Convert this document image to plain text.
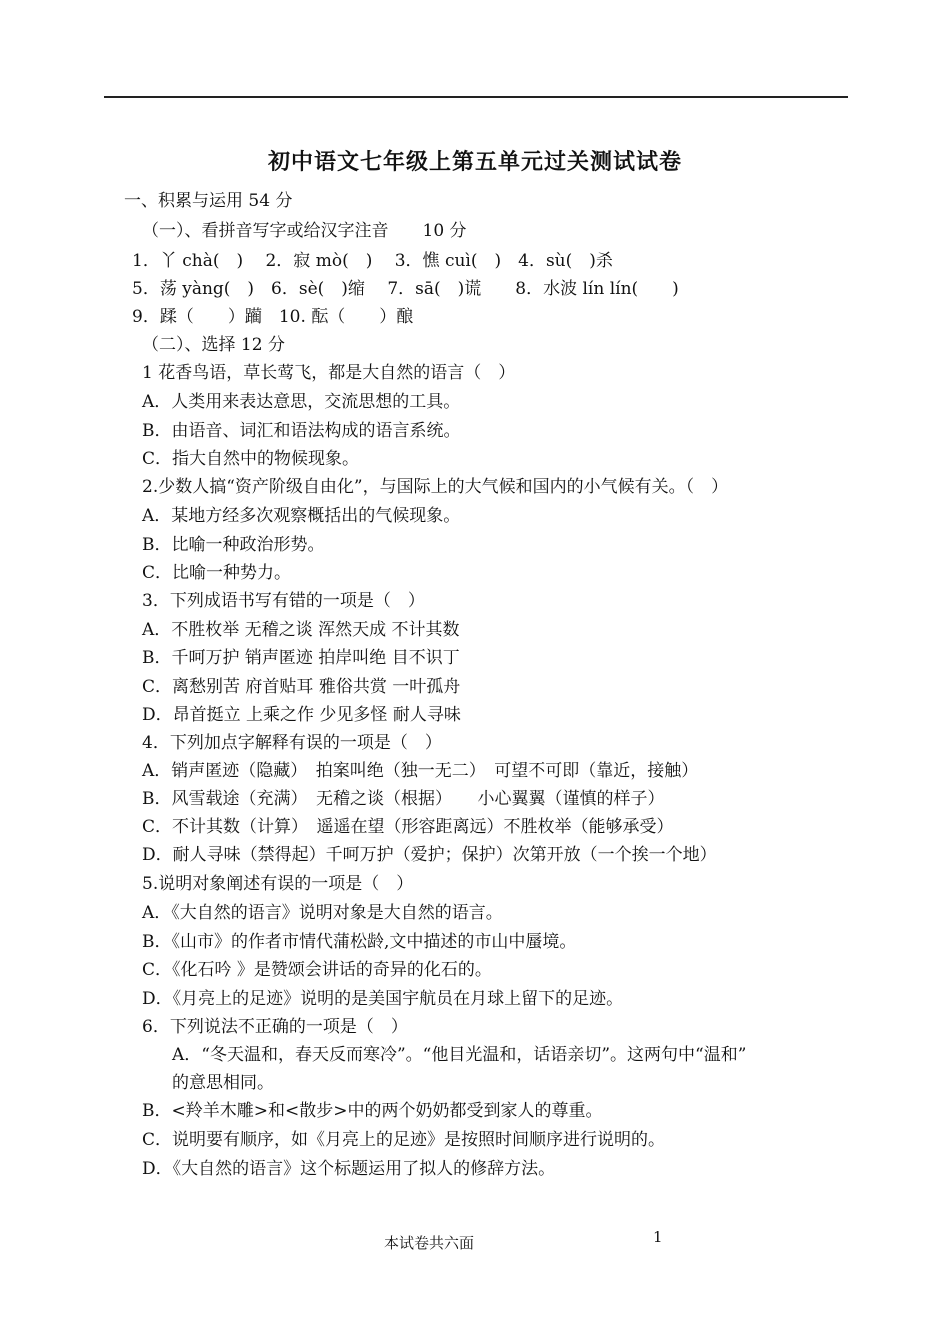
初中语文七年级上第五单元过关测试试卷
一、积累与运用 54 分
（一）、看拼音写字或给汉字注音　　10 分
1．丫 chà(　)　 2．寂 mò(　)　 3．憔 cuì(　)　4．sù(　)杀
5．荡 yàng(　)　6．sè(　)缩　 7．sā(　)谎　　8．水波 lín lín(　　)
9．蹂（　　）躏　10. 酝（　　）酿
（二）、选择 12 分
1 花香鸟语，草长莺飞，都是大自然的语言（　）
A．人类用来表达意思，交流思想的工具。
B．由语音、词汇和语法构成的语言系统。
C．指大自然中的物候现象。
2.少数人搞“资产阶级自由化”，与国际上的大气候和国内的小气候有关。（　）
A．某地方经多次观察概括出的气候现象。
B．比喻一种政治形势。
C．比喻一种势力。
3．下列成语书写有错的一项是（　）
A．不胜枚举 无稽之谈 浑然天成 不计其数
B．千呵万护 销声匿迹 拍岸叫绝 目不识丁
C．离愁别苦 府首贴耳 雅俗共赏 一叶孤舟
D．昂首挺立 上乘之作 少见多怪 耐人寻味
4．下列加点字解释有误的一项是（　）
A．销声匿迹（隐藏）　拍案叫绝（独一无二）　可望不可即（靠近，接触）
B．风雪载途（充满）　无稽之谈（根据）　　小心翼翼（谨慎的样子）
C．不计其数（计算）　遥遥在望（形容距离远）不胜枚举（能够承受）
D．耐人寻味（禁得起）千呵万护（爱护；保护）次第开放（一个挨一个地）
5.说明对象阐述有误的一项是（　）
A．《大自然的语言》说明对象是大自然的语言。
B．《山市》的作者市情代蒲松龄,文中描述的市山中蜃境。
C．《化石吟 》是赞颂会讲话的奇异的化石的。
D．《月亮上的足迹》说明的是美国宇航员在月球上留下的足迹。
6．下列说法不正确的一项是（　）
A．“冬天温和，春天反而寒冷”。“他目光温和，话语亲切”。这两句中“温和”
的意思相同。
B．<羚羊木雕>和<散步>中的两个奶奶都受到家人的尊重。
C．说明要有顺序，如《月亮上的足迹》是按照时间顺序进行说明的。
D．《大自然的语言》这个标题运用了拟人的修辞方法。
本试卷共六面	1
